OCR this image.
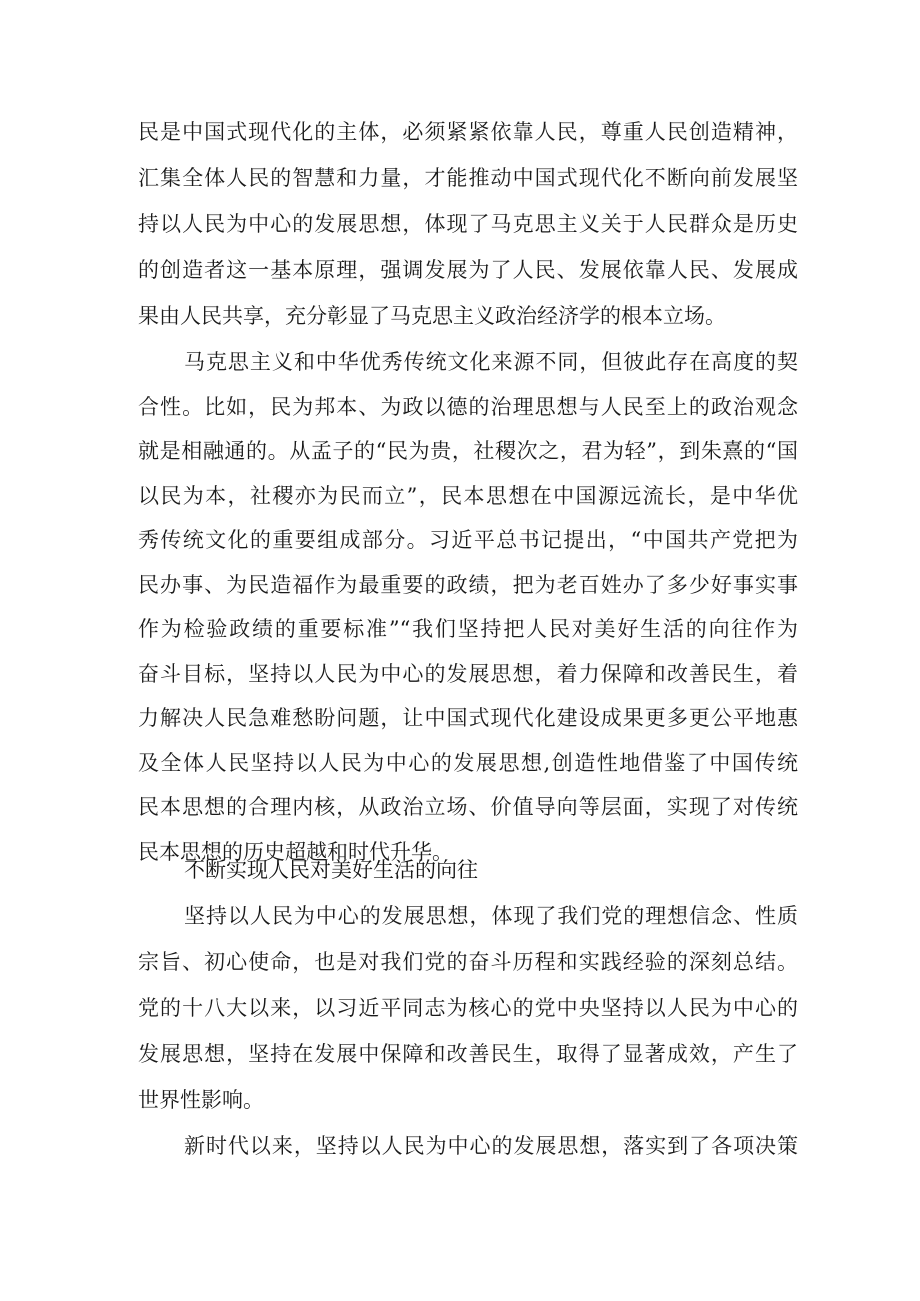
民是中国式现代化的主体，必须紧紧依靠人民，尊重人民创造精神，
汇集全体人民的智慧和力量，才能推动中国式现代化不断向前发展坚
持以人民为中心的发展思想，体现了马克思主义关于人民群众是历史
的创造者这一基本原理，强调发展为了人民、发展依靠人民、发展成
果由人民共享，充分彰显了马克思主义政治经济学的根本立场。
马克思主义和中华优秀传统文化来源不同，但彼此存在高度的契
合性。比如，民为邦本、为政以德的治理思想与人民至上的政治观念
就是相融通的。从孟子的“民为贵，社稷次之，君为轻”，到朱熹的“国
以民为本，社稷亦为民而立”，民本思想在中国源远流长，是中华优
秀传统文化的重要组成部分。习近平总书记提出，“中国共产党把为
民办事、为民造福作为最重要的政绩，把为老百姓办了多少好事实事
作为检验政绩的重要标准”“我们坚持把人民对美好生活的向往作为
奋斗目标，坚持以人民为中心的发展思想，着力保障和改善民生，着
力解决人民急难愁盼问题，让中国式现代化建设成果更多更公平地惠
及全体人民坚持以人民为中心的发展思想,创造性地借鉴了中国传统
民本思想的合理内核，从政治立场、价值导向等层面，实现了对传统
不断实现人民对美好生活的向往
坚持以人民为中心的发展思想，体现了我们党的理想信念、性质
宗旨、初心使命，也是对我们党的奋斗历程和实践经验的深刻总结。
党的十八大以来，以习近平同志为核心的党中央坚持以人民为中心的
发展思想，坚持在发展中保障和改善民生，取得了显著成效，产生了
世界性影响。
新时代以来，坚持以人民为中心的发展思想，落实到了各项决策
民本思想的历史超越和时代升华。
